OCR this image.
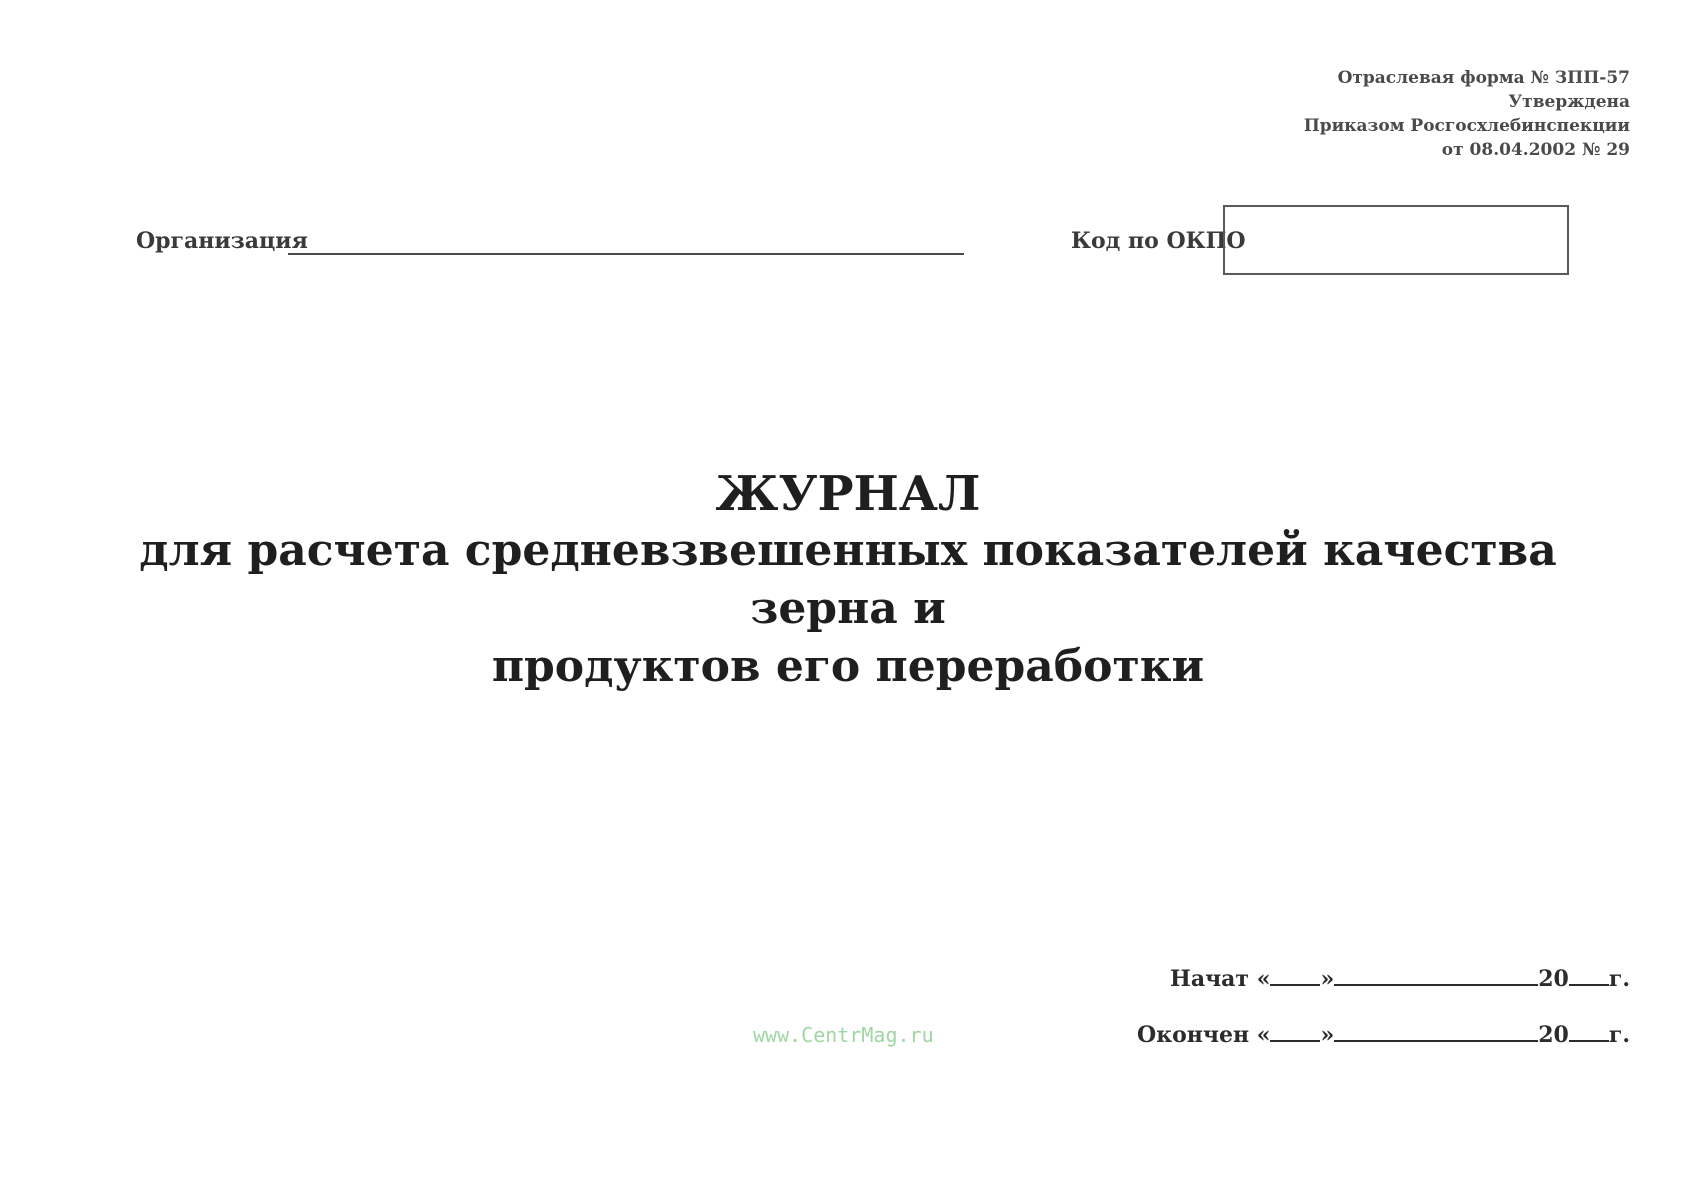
Отраслевая форма № ЗПП-57
Утверждена
Приказом Росгосхлебинспекции
от 08.04.2002 № 29
Организация	Код по ОКПО
ЖУРНАЛ
для расчета средневзвешенных показателей качества зерна и
продуктов его переработки
Начат « »	20 г.
Окончен « »	20 г.
www.CentrMag.ru
